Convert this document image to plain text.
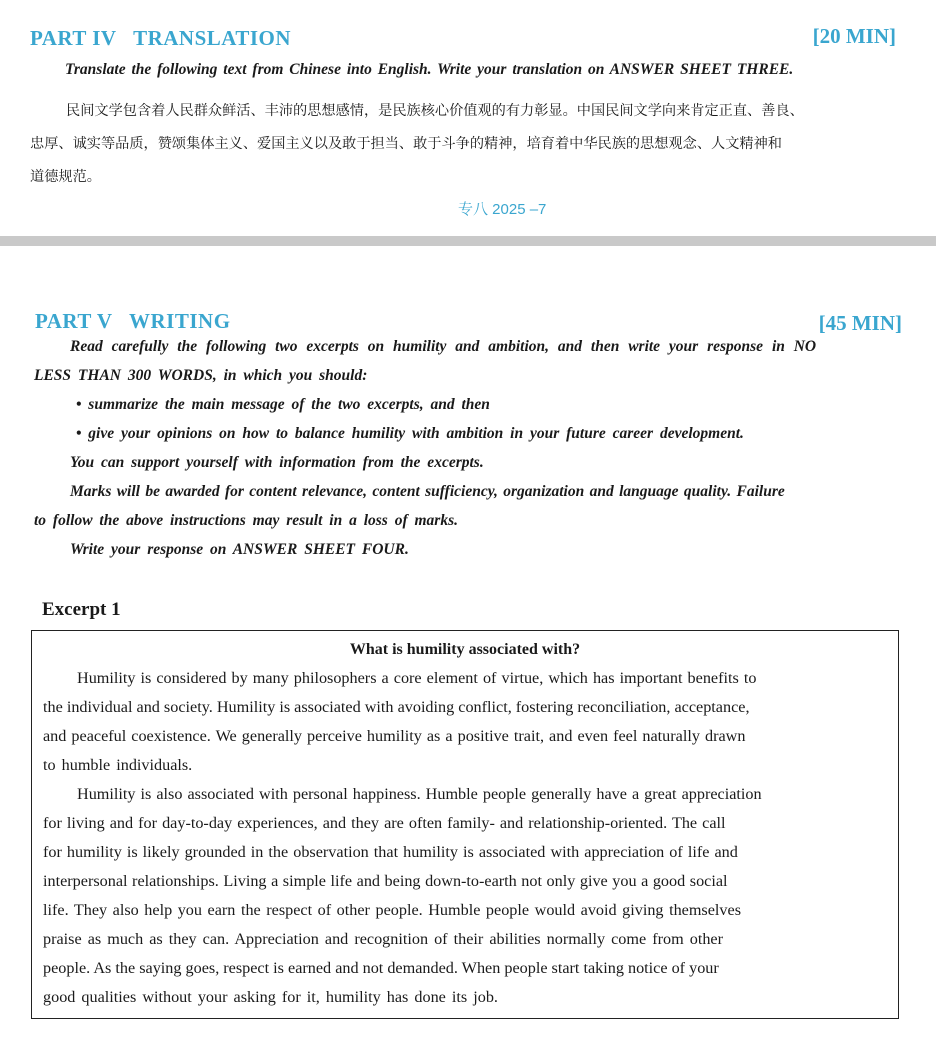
PART IV   TRANSLATION	[20 MIN]
Translate the following text from Chinese into English. Write your translation on ANSWER SHEET THREE.
民间文学包含着人民群众鲜活、丰沛的思想感情，是民族核心价值观的有力彰显。中国民间文学向来肯定正直、善良、
忠厚、诚实等品质，赞颂集体主义、爱国主义以及敢于担当、敢于斗争的精神，培育着中华民族的思想观念、人文精神和
道德规范。
专八 2025 –7
PART V   WRITING	[45 MIN]
Read carefully the following two excerpts on humility and ambition, and then write your response in NO
LESS THAN 300 WORDS, in which you should:
• summarize the main message of the two excerpts, and then
• give your opinions on how to balance humility with ambition in your future career development.
You can support yourself with information from the excerpts.
Marks will be awarded for content relevance, content sufficiency, organization and language quality. Failure
to follow the above instructions may result in a loss of marks.
Write your response on ANSWER SHEET FOUR.
Excerpt 1
What is humility associated with?
Humility is considered by many philosophers a core element of virtue, which has important benefits to
the individual and society. Humility is associated with avoiding conflict, fostering reconciliation, acceptance,
and peaceful coexistence. We generally perceive humility as a positive trait, and even feel naturally drawn
to humble individuals.
Humility is also associated with personal happiness. Humble people generally have a great appreciation
for living and for day-to-day experiences, and they are often family- and relationship-oriented. The call
for humility is likely grounded in the observation that humility is associated with appreciation of life and
interpersonal relationships. Living a simple life and being down-to-earth not only give you a good social
life. They also help you earn the respect of other people. Humble people would avoid giving themselves
praise as much as they can. Appreciation and recognition of their abilities normally come from other
people. As the saying goes, respect is earned and not demanded. When people start taking notice of your
good qualities without your asking for it, humility has done its job.
